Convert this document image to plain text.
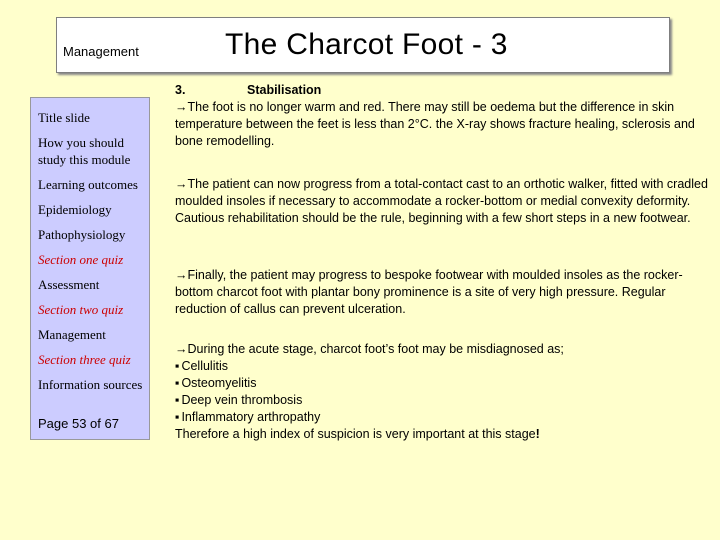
Management	The Charcot Foot - 3
Title slide
How you should study this module
Learning outcomes
Epidemiology
Pathophysiology
Section one quiz
Assessment
Section two quiz
Management
Section three quiz
Information sources
Page 53 of 67
3.	Stabilisation
→The foot is no longer warm and red. There may still be oedema but the difference in skin temperature between the feet is less than 2°C. the X-ray shows fracture healing, sclerosis and bone remodelling.
→The patient can now progress from a total-contact cast to an orthotic walker, fitted with cradled moulded insoles if necessary to accommodate a rocker-bottom or medial convexity deformity. Cautious rehabilitation should be the rule, beginning with a few short steps in a new footwear.
→Finally, the patient may progress to bespoke footwear with moulded insoles as the rocker-bottom charcot foot with plantar bony prominence is a site of very high pressure. Regular reduction of callus can prevent ulceration.
→During the acute stage, charcot foot’s foot may be misdiagnosed as;
▪ Cellulitis
▪ Osteomyelitis
▪ Deep vein thrombosis
▪ Inflammatory arthropathy
Therefore a high index of suspicion is very important at this stage!
